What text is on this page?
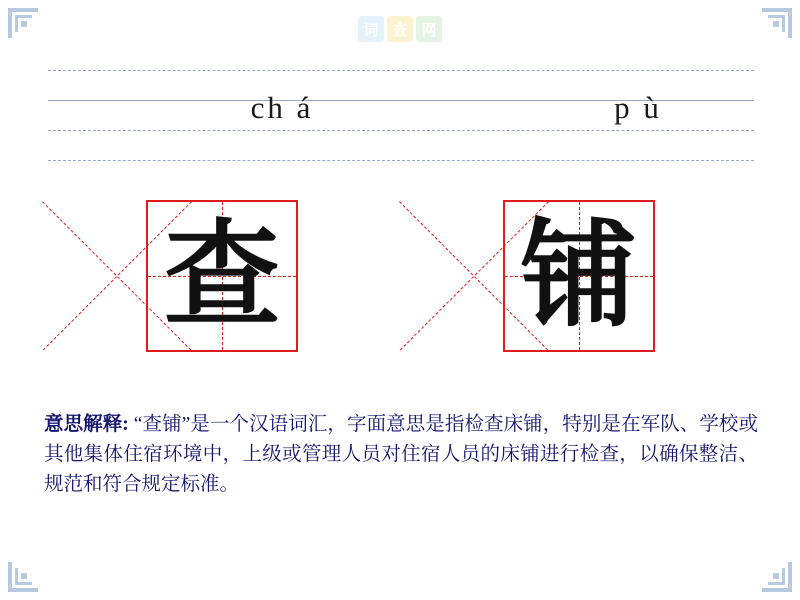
词 查 网
ch á	p ù
查 铺
意思解释: “查铺”是一个汉语词汇，字面意思是指检查床铺，特别是在军队、学校或其他集体住宿环境中，上级或管理人员对住宿人员的床铺进行检查，以确保整洁、规范和符合规定标准。
